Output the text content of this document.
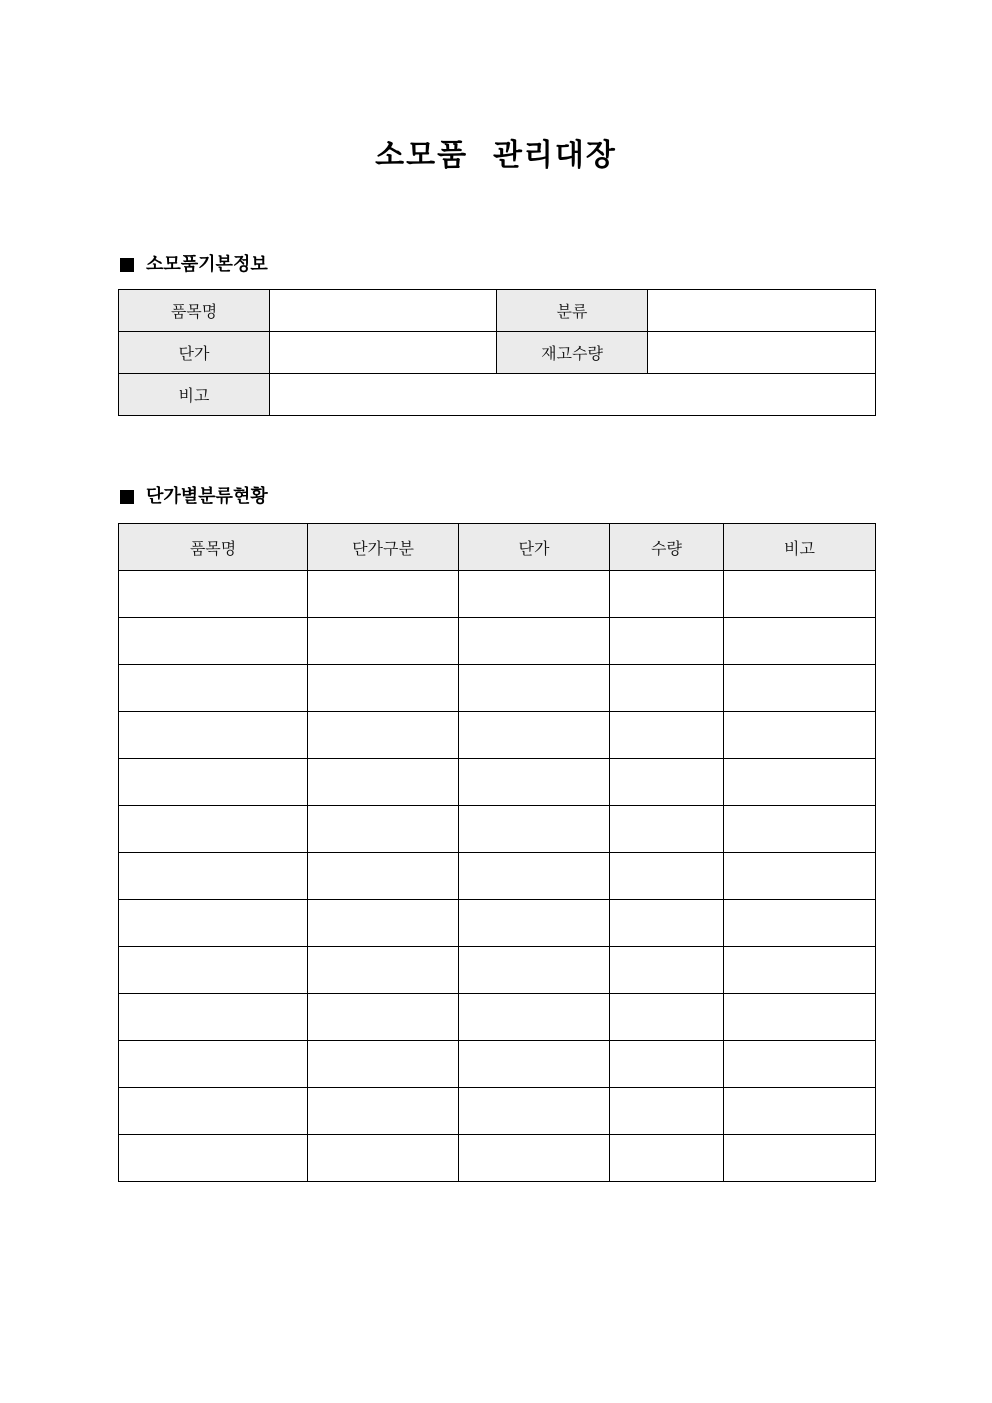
소모품  관리대장
소모품기본정보
품목명		분류	
단가		재고수량	
비고			
단가별분류현황
품목명	단가구분	단가	수량	비고
